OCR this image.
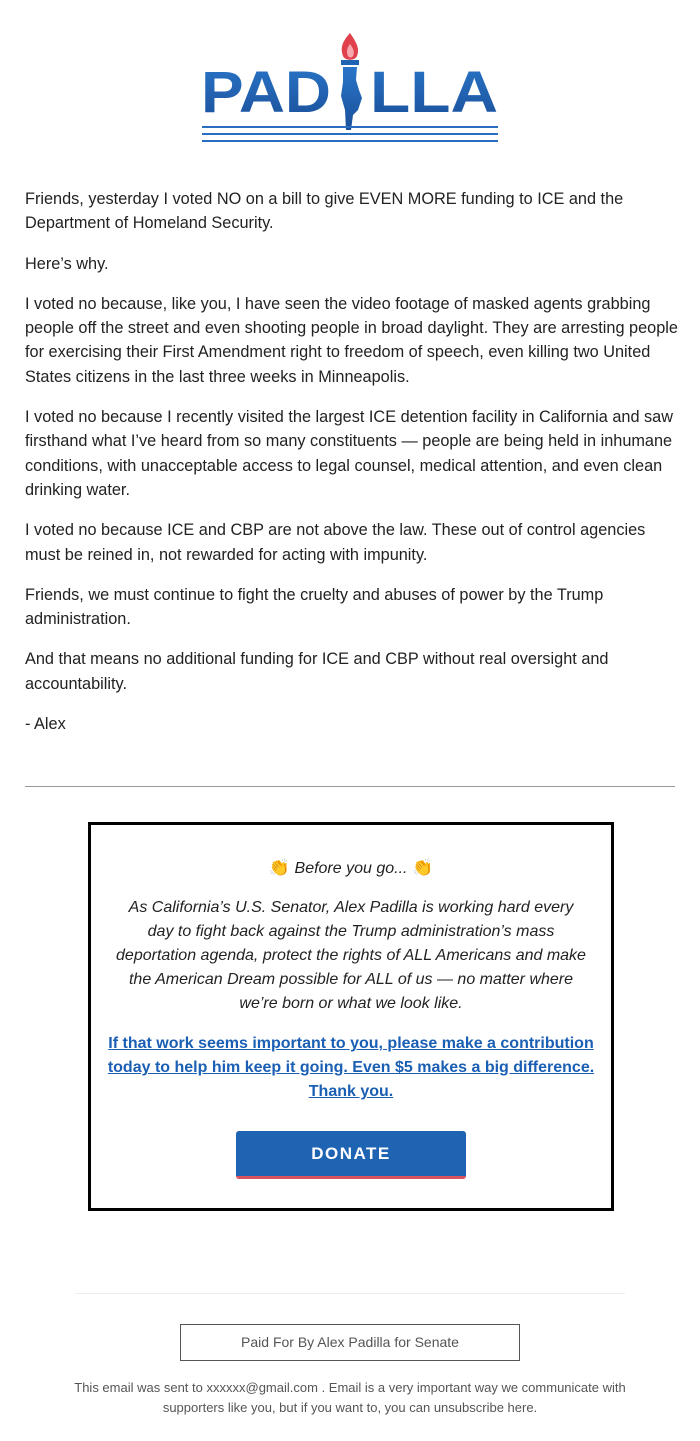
PAD LLA

Friends, yesterday I voted NO on a bill to give EVEN MORE funding to ICE and the Department of Homeland Security.

Here’s why.

I voted no because, like you, I have seen the video footage of masked agents grabbing people off the street and even shooting people in broad daylight. They are arresting people for exercising their First Amendment right to freedom of speech, even killing two United States citizens in the last three weeks in Minneapolis.

I voted no because I recently visited the largest ICE detention facility in California and saw firsthand what I’ve heard from so many constituents — people are being held in inhumane conditions, with unacceptable access to legal counsel, medical attention, and even clean drinking water.

I voted no because ICE and CBP are not above the law. These out of control agencies must be reined in, not rewarded for acting with impunity.

Friends, we must continue to fight the cruelty and abuses of power by the Trump administration.

And that means no additional funding for ICE and CBP without real oversight and accountability.

- Alex

👏 Before you go... 👏
As California’s U.S. Senator, Alex Padilla is working hard every day to fight back against the Trump administration’s mass deportation agenda, protect the rights of ALL Americans and make the American Dream possible for ALL of us — no matter where we’re born or what we look like.
If that work seems important to you, please make a contribution today to help him keep it going. Even $5 makes a big difference. Thank you.
DONATE
Paid For By Alex Padilla for Senate
This email was sent to xxxxxx@gmail.com . Email is a very important way we communicate with supporters like you, but if you want to, you can unsubscribe here.
